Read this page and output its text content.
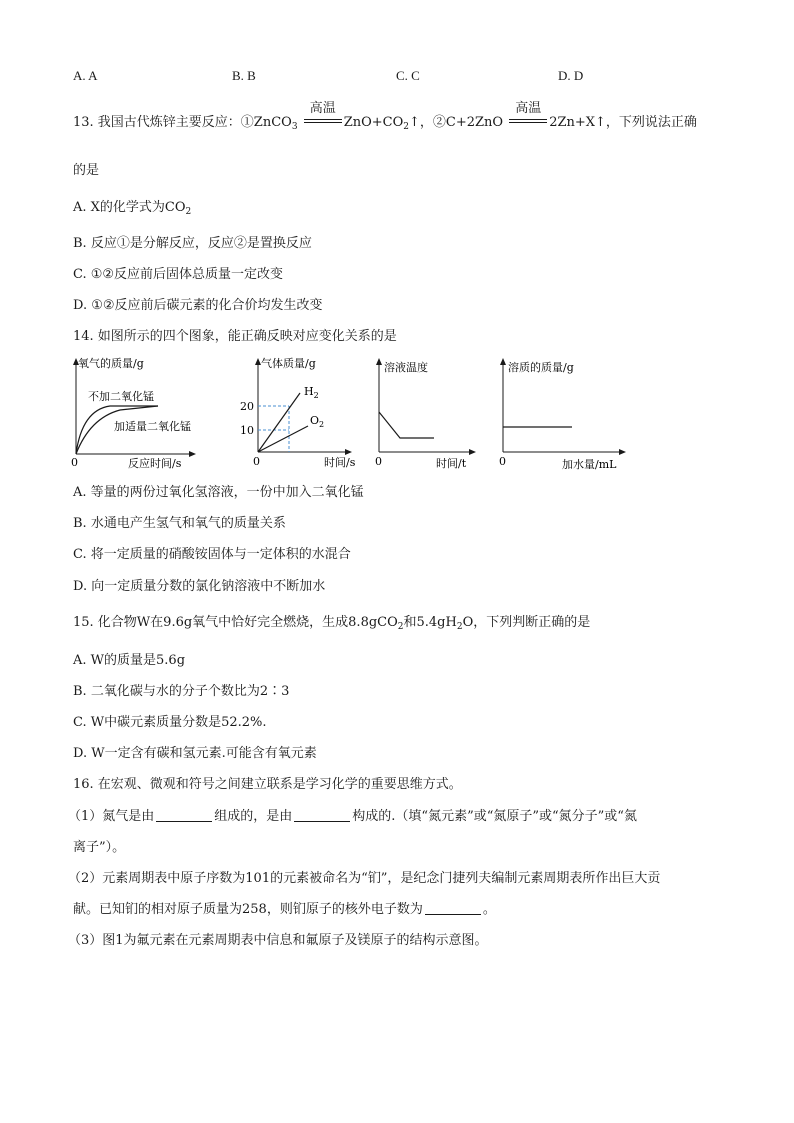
A. A	B. B	C. C	D. D
13. 我国古代炼锌主要反应：①ZnCO$_3$
高温
$ZnO+CO_2↑$，②C+2ZnO
高温
2Zn+X↑，下列说法正确
的是
A. X的化学式为$CO_2$
B. 反应①是分解反应，反应②是置换反应
C. ①②反应前后固体总质量一定改变
D. ①②反应前后碳元素的化合价均发生改变
14. 如图所示的四个图象，能正确反映对应变化关系的是
氧气的质量/g
不加二氧化锰
加适量二氧化锰
0	反应时间/s
气体质量/g
20
10
$H_2$
$O_2$
0	时间/s
溶液温度
0	时间/t
溶质的质量/g
0	加水量/mL
A. 等量的两份过氧化氢溶液，一份中加入二氧化锰
B. 水通电产生氢气和氧气的质量关系
C. 将一定质量的硝酸铵固体与一定体积的水混合
D. 向一定质量分数的氯化钠溶液中不断加水
15. 化合物W在9.6g氧气中恰好完全燃烧，生成8.8gCO$_2$和$5.4gH_2O$，下列判断正确的是
A. W的质量是5.6g
B. 二氧化碳与水的分子个数比为2∶3
C. W中碳元素质量分数是52.2%.
D. W一定含有碳和氢元素.可能含有氧元素
16. 在宏观、微观和符号之间建立联系是学习化学的重要思维方式。
（1）氮气是由	组成的，是由	构成的.（填“氮元素”或“氮原子”或“氮分子”或“氮
离子”）。
（2）元素周期表中原子序数为101的元素被命名为“钔”，是纪念门捷列夫编制元素周期表所作出巨大贡
献。已知钔的相对原子质量为258，则钔原子的核外电子数为	。
（3）图1为氟元素在元素周期表中信息和氟原子及镁原子的结构示意图。
